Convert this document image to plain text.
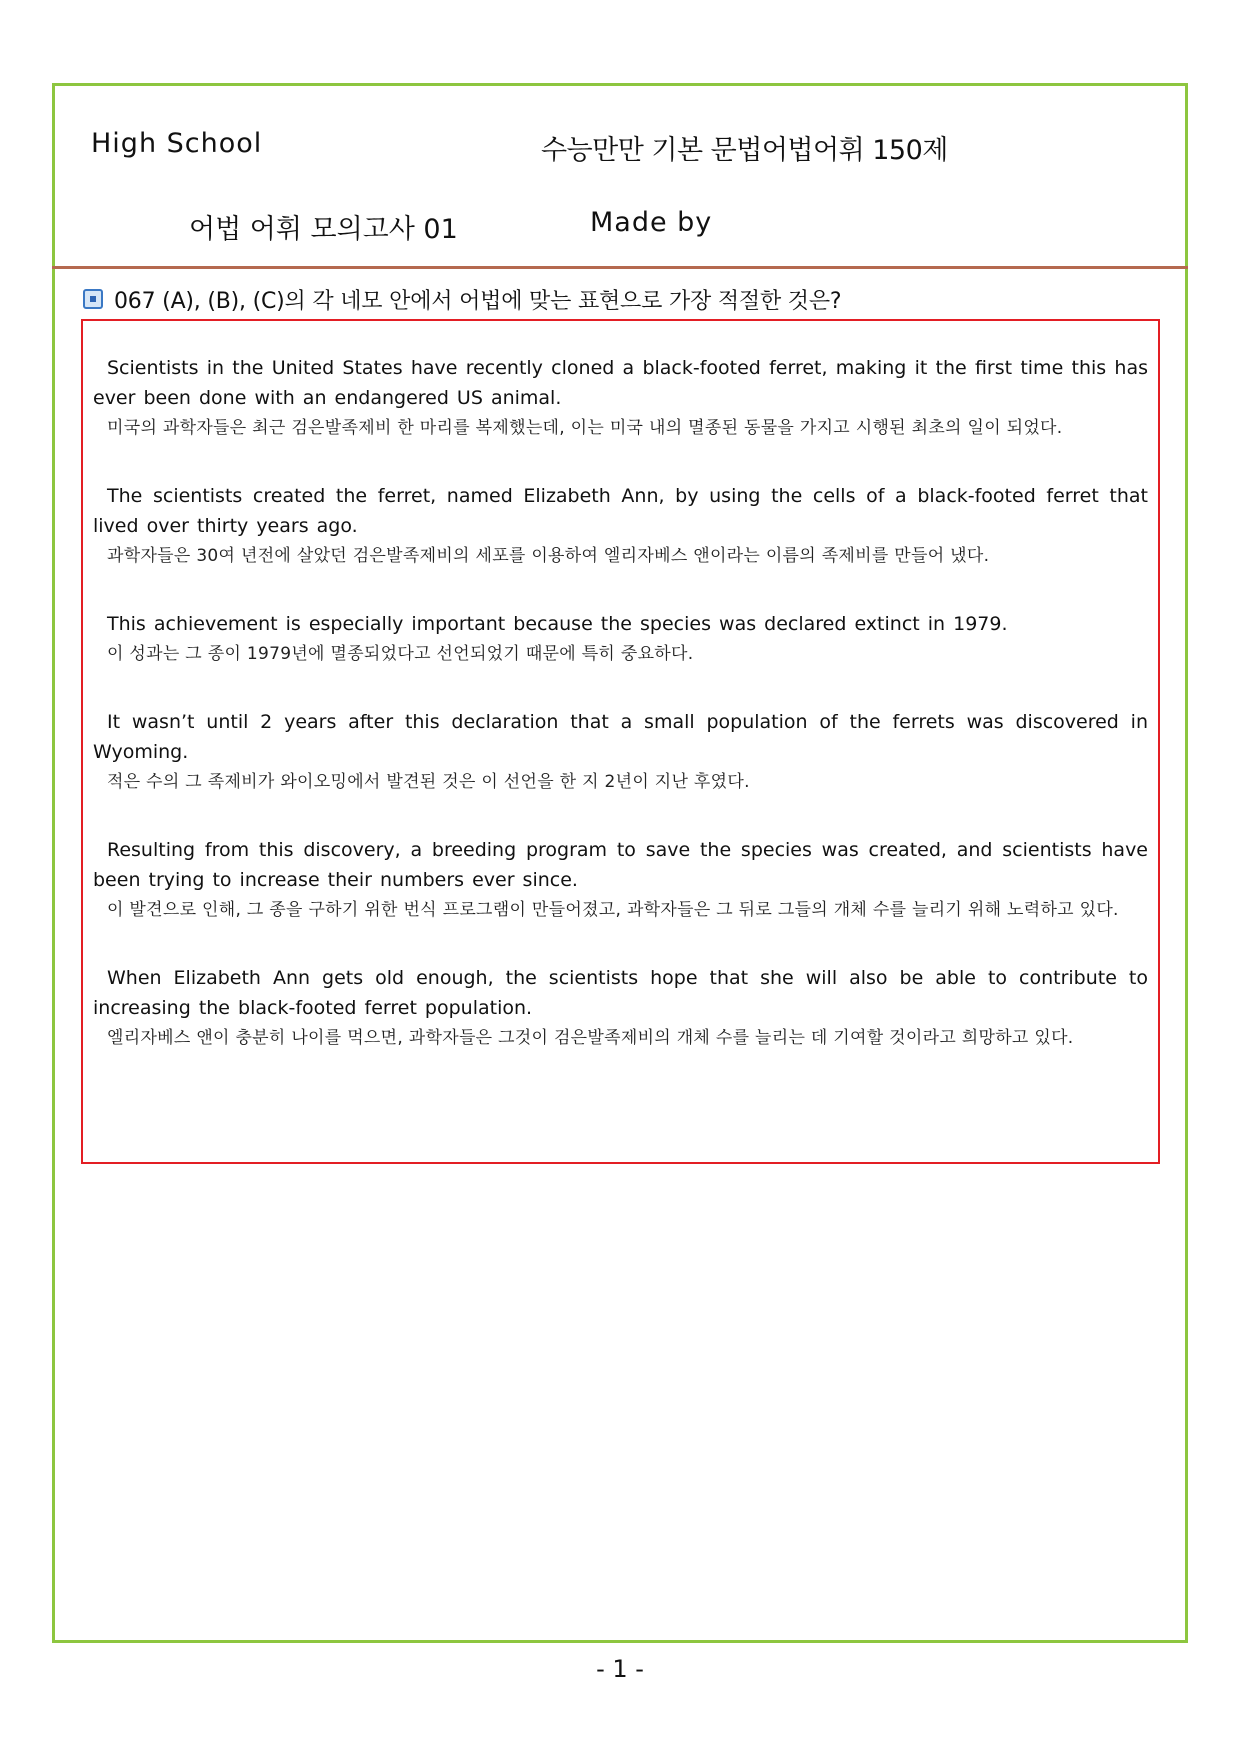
High School	수능만만 기본 문법어법어휘 150제
어법 어휘 모의고사 01	Made by
067 (A), (B), (C)의 각 네모 안에서 어법에 맞는 표현으로 가장 적절한 것은?
Scientists in the United States have recently cloned a black-footed ferret, making it the first time this has ever been done with an endangered US animal.
미국의 과학자들은 최근 검은발족제비 한 마리를 복제했는데, 이는 미국 내의 멸종된 동물을 가지고 시행된 최초의 일이 되었다.
The scientists created the ferret, named Elizabeth Ann, by using the cells of a black-footed ferret that lived over thirty years ago.
과학자들은 30여 년전에 살았던 검은발족제비의 세포를 이용하여 엘리자베스 앤이라는 이름의 족제비를 만들어 냈다.
This achievement is especially important because the species was declared extinct in 1979.
이 성과는 그 종이 1979년에 멸종되었다고 선언되었기 때문에 특히 중요하다.
It wasn’t until 2 years after this declaration that a small population of the ferrets was discovered in Wyoming.
적은 수의 그 족제비가 와이오밍에서 발견된 것은 이 선언을 한 지 2년이 지난 후였다.
Resulting from this discovery, a breeding program to save the species was created, and scientists have been trying to increase their numbers ever since.
이 발견으로 인해, 그 종을 구하기 위한 번식 프로그램이 만들어졌고, 과학자들은 그 뒤로 그들의 개체 수를 늘리기 위해 노력하고 있다.
When Elizabeth Ann gets old enough, the scientists hope that she will also be able to contribute to increasing the black-footed ferret population.
엘리자베스 앤이 충분히 나이를 먹으면, 과학자들은 그것이 검은발족제비의 개체 수를 늘리는 데 기여할 것이라고 희망하고 있다.
- 1 -
